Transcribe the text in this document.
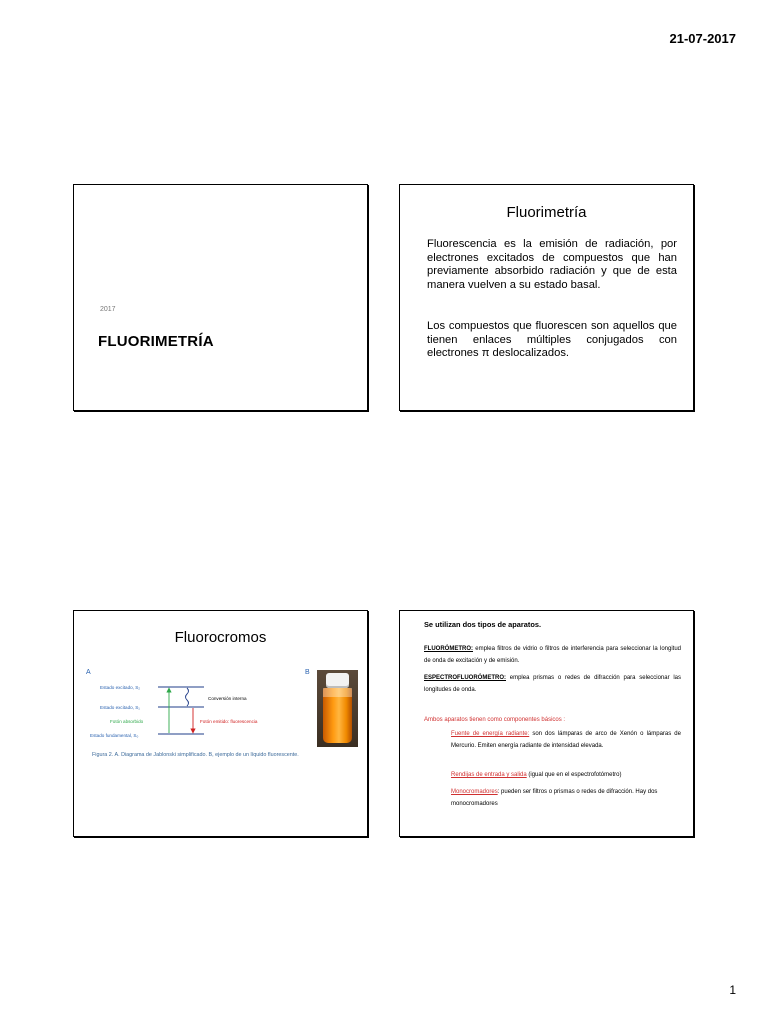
21-07-2017
2017
FLUORIMETRÍA
Fluorimetría
Fluorescencia es la emisión de radiación, por electrones excitados de compuestos que han previamente absorbido radiación y que de esta manera vuelven a su estado basal.
Los compuestos que fluorescen son aquellos que tienen enlaces múltiples conjugados con electrones π deslocalizados.
Fluorocromos
A	B
Estado excitado, S₂
Estado excitado, S₁
Fotón absorbido
Estado fundamental, S₀
Conversión interna
Fotón emitido: fluorescencia
Figura 2. A. Diagrama de Jablonski simplificado. B, ejemplo de un líquido fluorescente.
Se utilizan dos tipos de aparatos.
FLUORÓMETRO: emplea filtros de vidrio o filtros de interferencia para seleccionar la longitud de onda de excitación y de emisión.
ESPECTROFLUORÓMETRO: emplea prismas o redes de difracción para seleccionar las longitudes de onda.
Ambos aparatos tienen como componentes básicos :
Fuente de energía radiante: son dos lámparas de arco de Xenón o lámparas de Mercurio. Emiten energía radiante de intensidad elevada.
Rendijas de entrada y salida (igual que en el espectrofotómetro)
Monocromadores: pueden ser filtros o prismas o redes de difracción. Hay dos monocromadores
1
